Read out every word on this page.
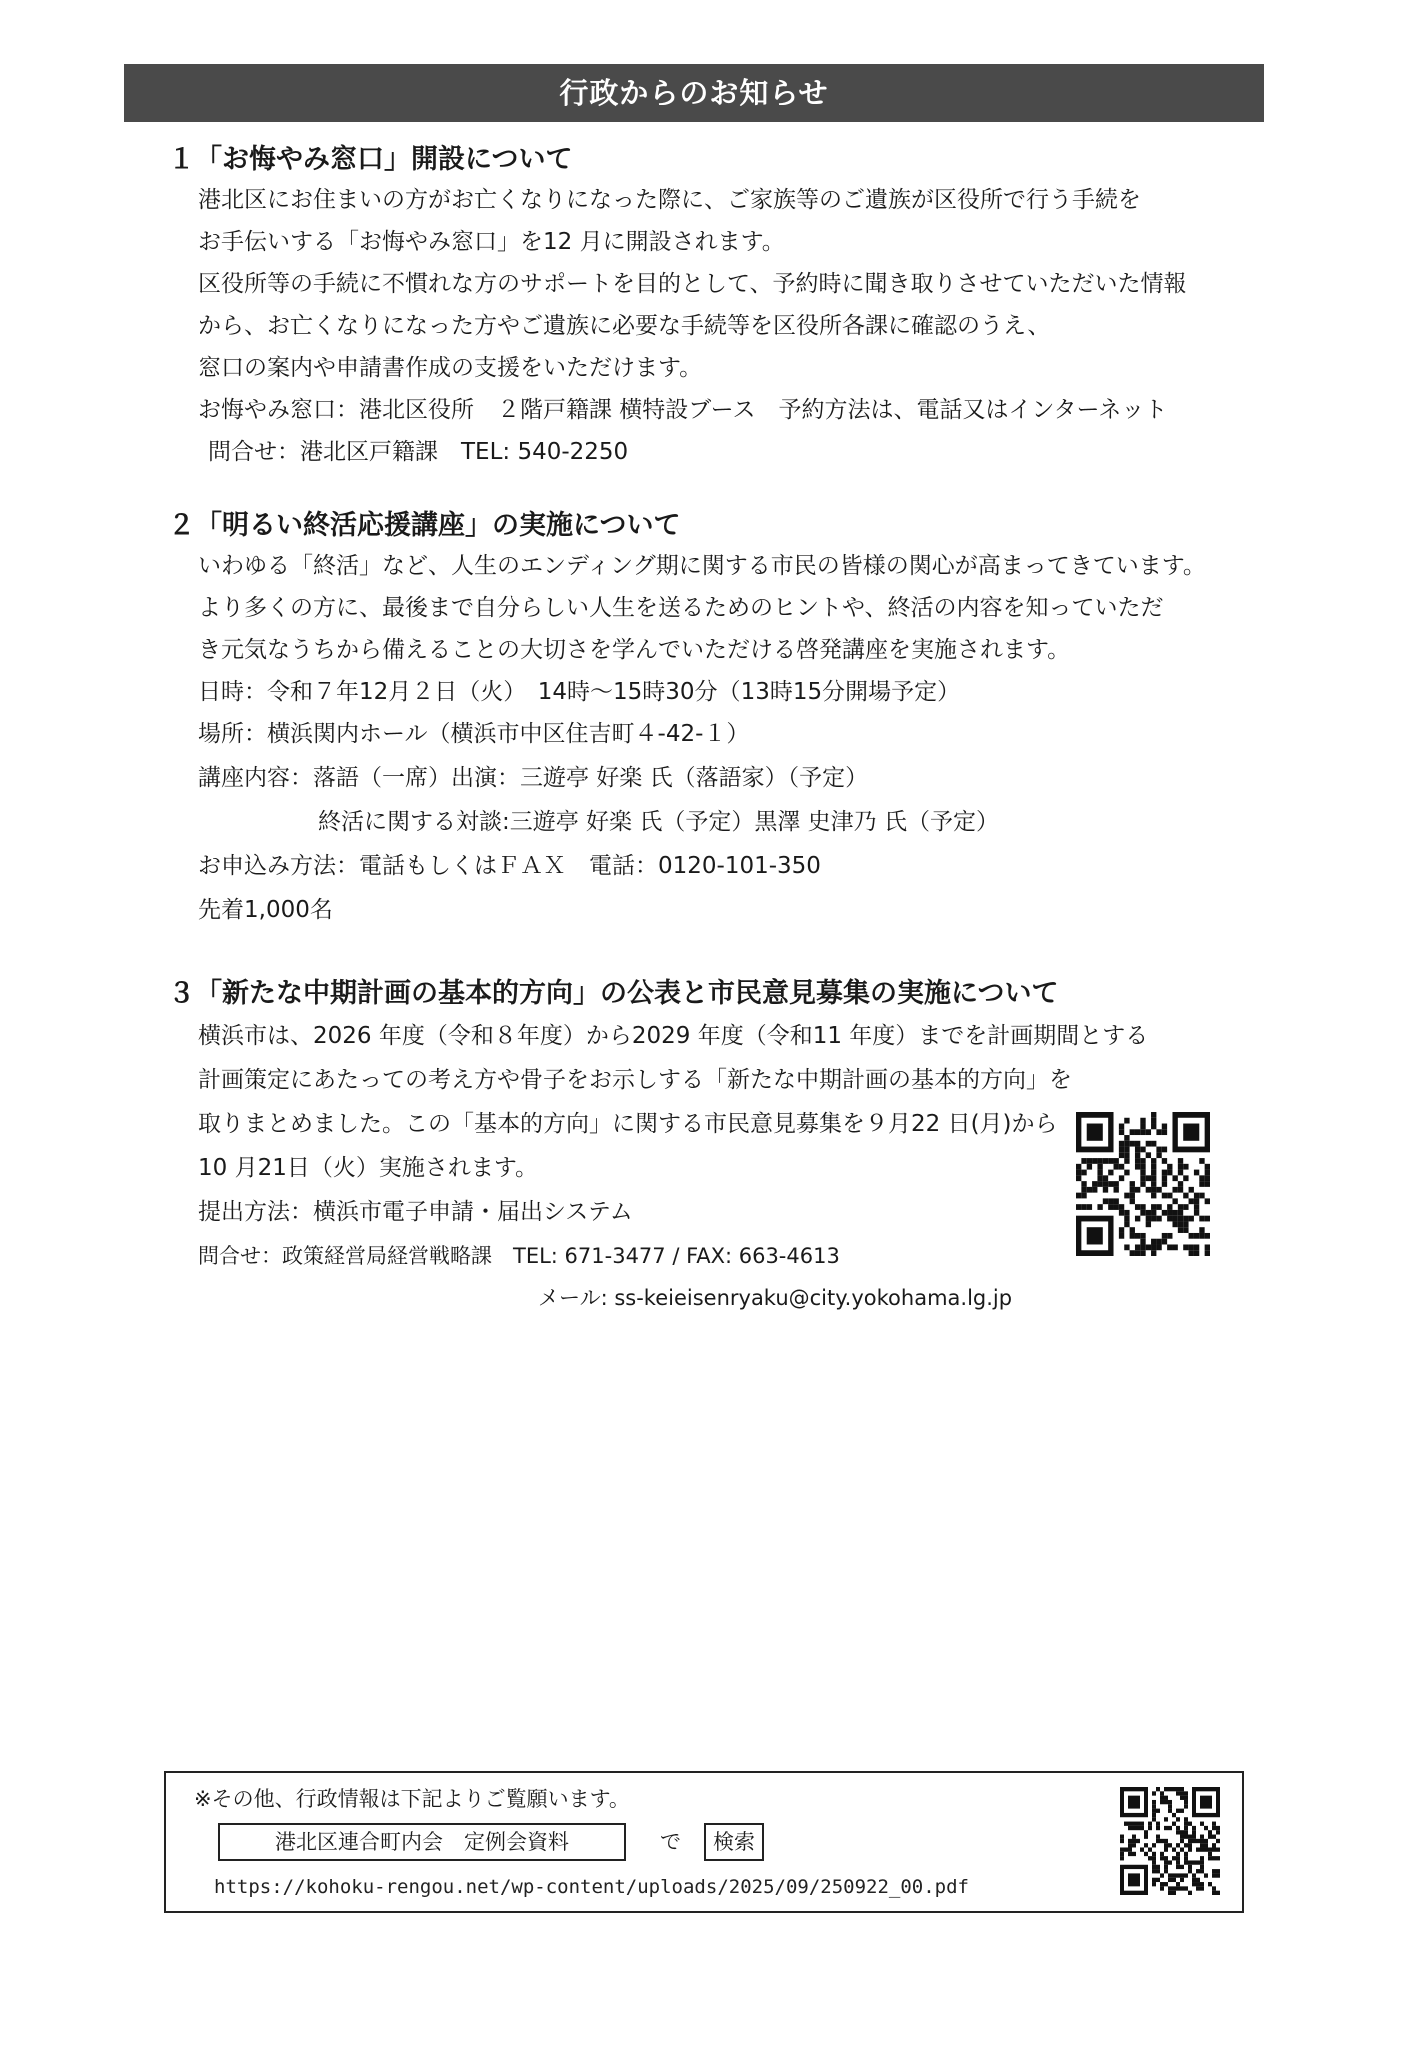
行政からのお知らせ
１「お悔やみ窓口」開設について
港北区にお住まいの方がお亡くなりになった際に、ご家族等のご遺族が区役所で行う手続を
お手伝いする「お悔やみ窓口」を12 月に開設されます。
区役所等の手続に不慣れな方のサポートを目的として、予約時に聞き取りさせていただいた情報
から、お亡くなりになった方やご遺族に必要な手続等を区役所各課に確認のうえ、
窓口の案内や申請書作成の支援をいただけます。
お悔やみ窓口：港北区役所　２階戸籍課 横特設ブース　予約方法は、電話又はインターネット
問合せ：港北区戸籍課　TEL: 540-2250
２「明るい終活応援講座」の実施について
いわゆる「終活」など、人生のエンディング期に関する市民の皆様の関心が高まってきています。
より多くの方に、最後まで自分らしい人生を送るためのヒントや、終活の内容を知っていただ
き元気なうちから備えることの大切さを学んでいただける啓発講座を実施されます。
日時：令和７年12月２日（火）　14時～15時30分（13時15分開場予定）
場所：横浜関内ホール（横浜市中区住吉町４-42-１）
講座内容：落語（一席）出演：三遊亭 好楽 氏（落語家）（予定）
終活に関する対談:三遊亭 好楽 氏（予定）黒澤 史津乃 氏（予定）
お申込み方法：電話もしくはＦＡＸ　電話：0120-101-350
先着1,000名
３「新たな中期計画の基本的方向」の公表と市民意見募集の実施について
横浜市は、2026 年度（令和８年度）から2029 年度（令和11 年度）までを計画期間とする
計画策定にあたっての考え方や骨子をお示しする「新たな中期計画の基本的方向」を
取りまとめました。この「基本的方向」に関する市民意見募集を９月22 日(月)から
10 月21日（火）実施されます。
提出方法：横浜市電子申請・届出システム
問合せ：政策経営局経営戦略課　TEL: 671-3477 / FAX: 663-4613
メール: ss-keieisenryaku@city.yokohama.lg.jp
※その他、行政情報は下記よりご覧願います。
港北区連合町内会　定例会資料	で	検索
https://kohoku-rengou.net/wp-content/uploads/2025/09/250922_00.pdf
